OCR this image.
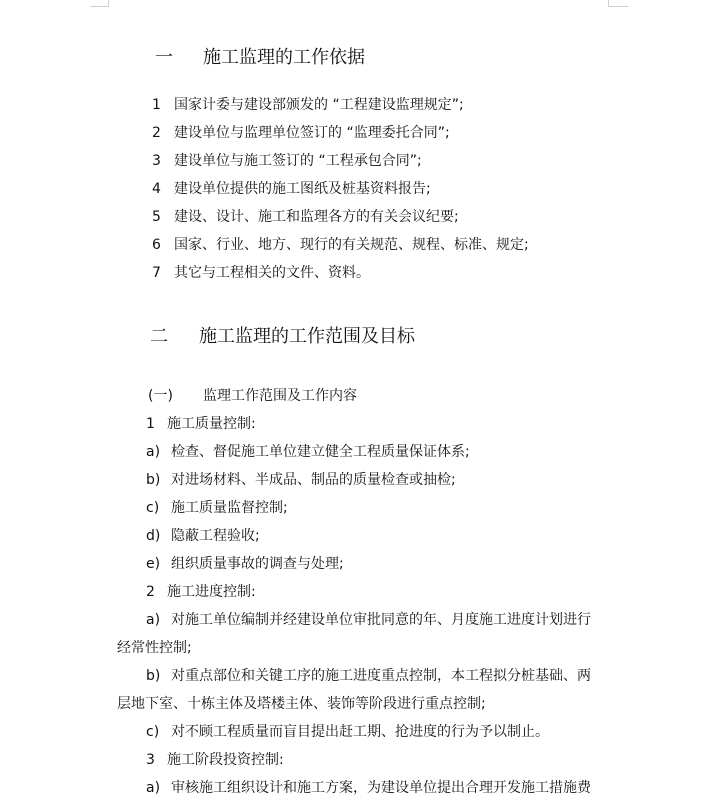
一 施工监理的工作依据
1 国家计委与建设部颁发的 “工程建设监理规定”;
2 建设单位与监理单位签订的 “监理委托合同”;
3 建设单位与施工签订的 “工程承包合同”;
4 建设单位提供的施工图纸及桩基资料报告;
5 建设、设计、施工和监理各方的有关会议纪要;
6 国家、行业、地方、现行的有关规范、规程、标准、规定;
7 其它与工程相关的文件、资料。
二 施工监理的工作范围及目标
(一) 监理工作范围及工作内容
1 施工质量控制:
a) 检查、督促施工单位建立健全工程质量保证体系;
b) 对进场材料、半成品、制品的质量检查或抽检;
c) 施工质量监督控制;
d) 隐蔽工程验收;
e) 组织质量事故的调查与处理;
2 施工进度控制:
a) 对施工单位编制并经建设单位审批同意的年、月度施工进度计划进行
经常性控制;
b) 对重点部位和关键工序的施工进度重点控制，本工程拟分桩基础、两
层地下室、十栋主体及塔楼主体、装饰等阶段进行重点控制;
c) 对不顾工程质量而盲目提出赶工期、抢进度的行为予以制止。
3 施工阶段投资控制:
a) 审核施工组织设计和施工方案，为建设单位提出合理开发施工措施费
